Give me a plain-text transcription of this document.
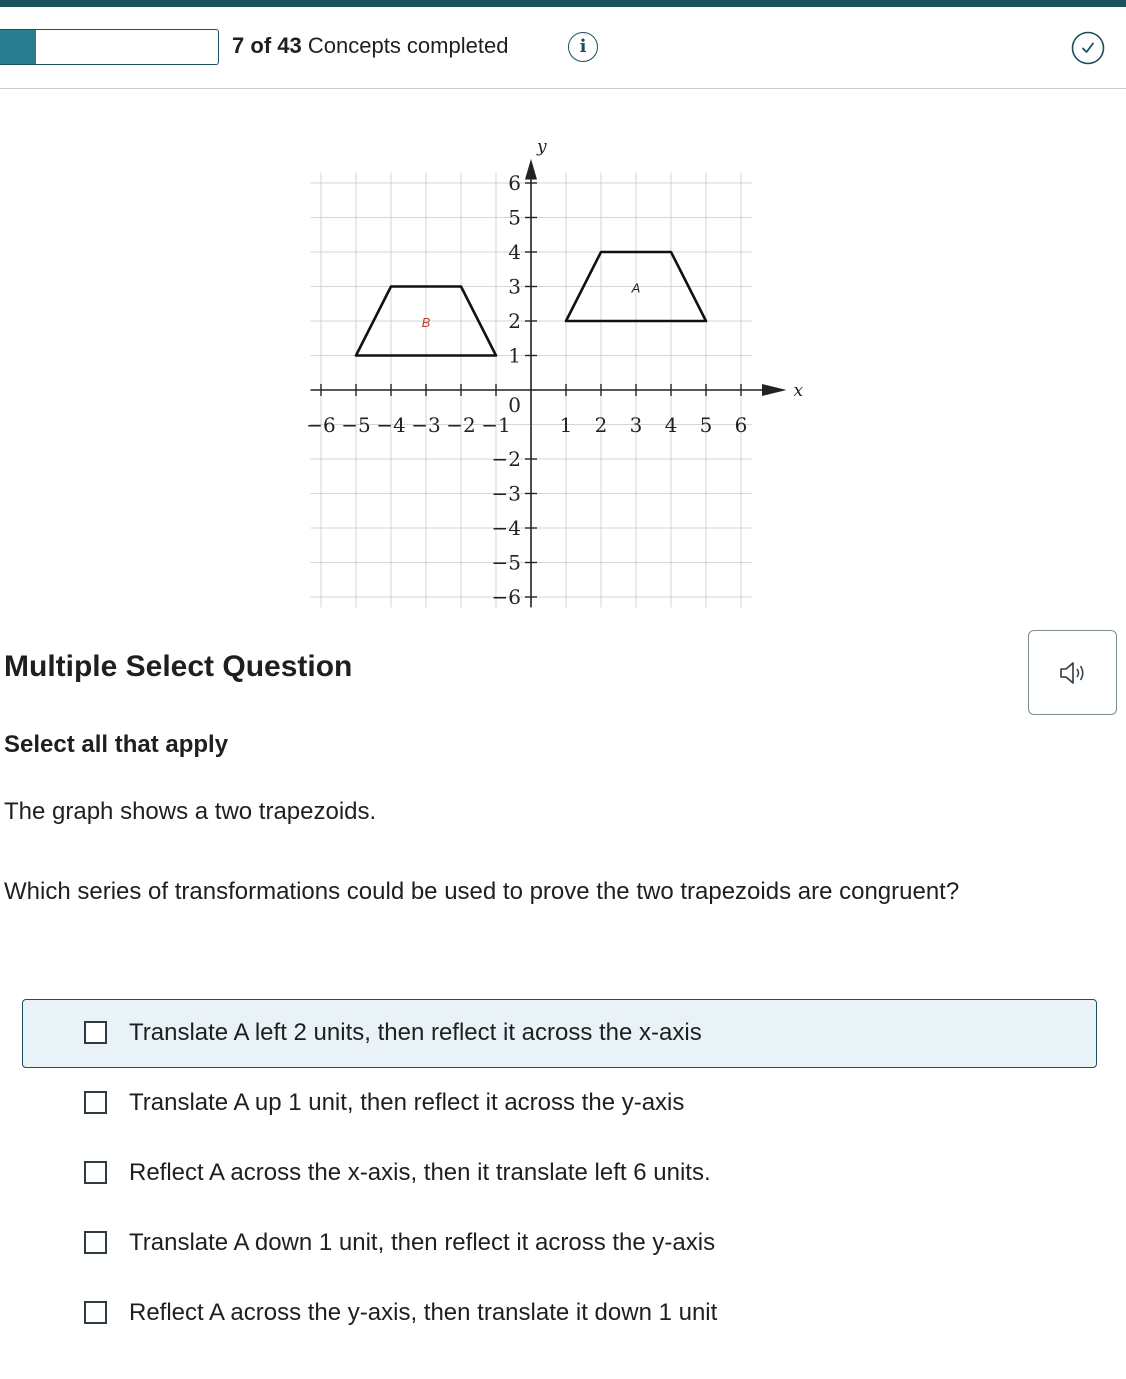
7 of 43 Concepts completed	i
−6 −5 −4 −3 −2 −1 1 2 3 4 5 6
6
5
4
3
2
1
−2
−3
−4
−5
−6
0
y
x
A
B
Multiple Select Question
Select all that apply
The graph shows a two trapezoids.
Which series of transformations could be used to prove the two trapezoids are congruent?
Translate A left 2 units, then reflect it across the x-axis
Translate A up 1 unit, then reflect it across the y-axis
Reflect A across the x-axis, then it translate left 6 units.
Translate A down 1 unit, then reflect it across the y-axis
Reflect A across the y-axis, then translate it down 1 unit
